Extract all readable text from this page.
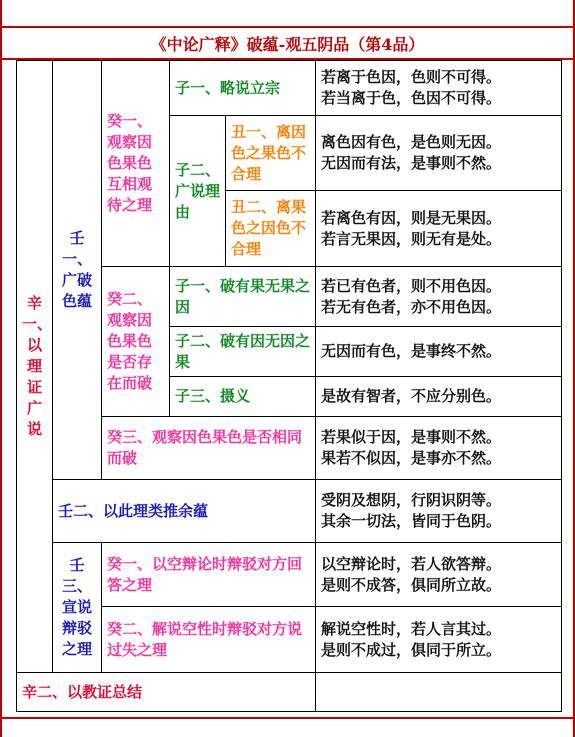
《中论广释》破蕴-观五阴品（第4品）
辛一、以理证广说	壬一、广破色蕴	癸一、观察因色果色互相观待之理	子一、略说立宗		若离于色因，色则不可得。
若当离于色，色因不可得。

			子二、广说理由	丑一、离因色之果色不合理	离色因有色，是色则无因。
无因而有法，是事则不然。

				丑二、离果色之因色不合理	若离色有因，则是无果因。
若言无果因，则无有是处。

		癸二、观察因色果色是否存在而破	子一、破有果无果之因		若已有色者，则不用色因。
若无有色者，亦不用色因。

			子二、破有因无因之果		无因而有色，是事终不然。

			子三、摄义		是故有智者，不应分别色。

		癸三、观察因色果色是否相同而破			若果似于因，是事则不然。
果若不似因，是事亦不然。

	壬二、以此理类推余蕴				受阴及想阴，行阴识阴等。
其余一切法，皆同于色阴。

	壬三、宣说辩驳之理	癸一、以空辩论时辩驳对方回答之理			以空辩论时，若人欲答辩。
是则不成答，俱同所立故。

		癸二、解说空性时辩驳对方说过失之理			解说空性时，若人言其过。
是则不成过，俱同于所立。

辛二、以教证总结					
